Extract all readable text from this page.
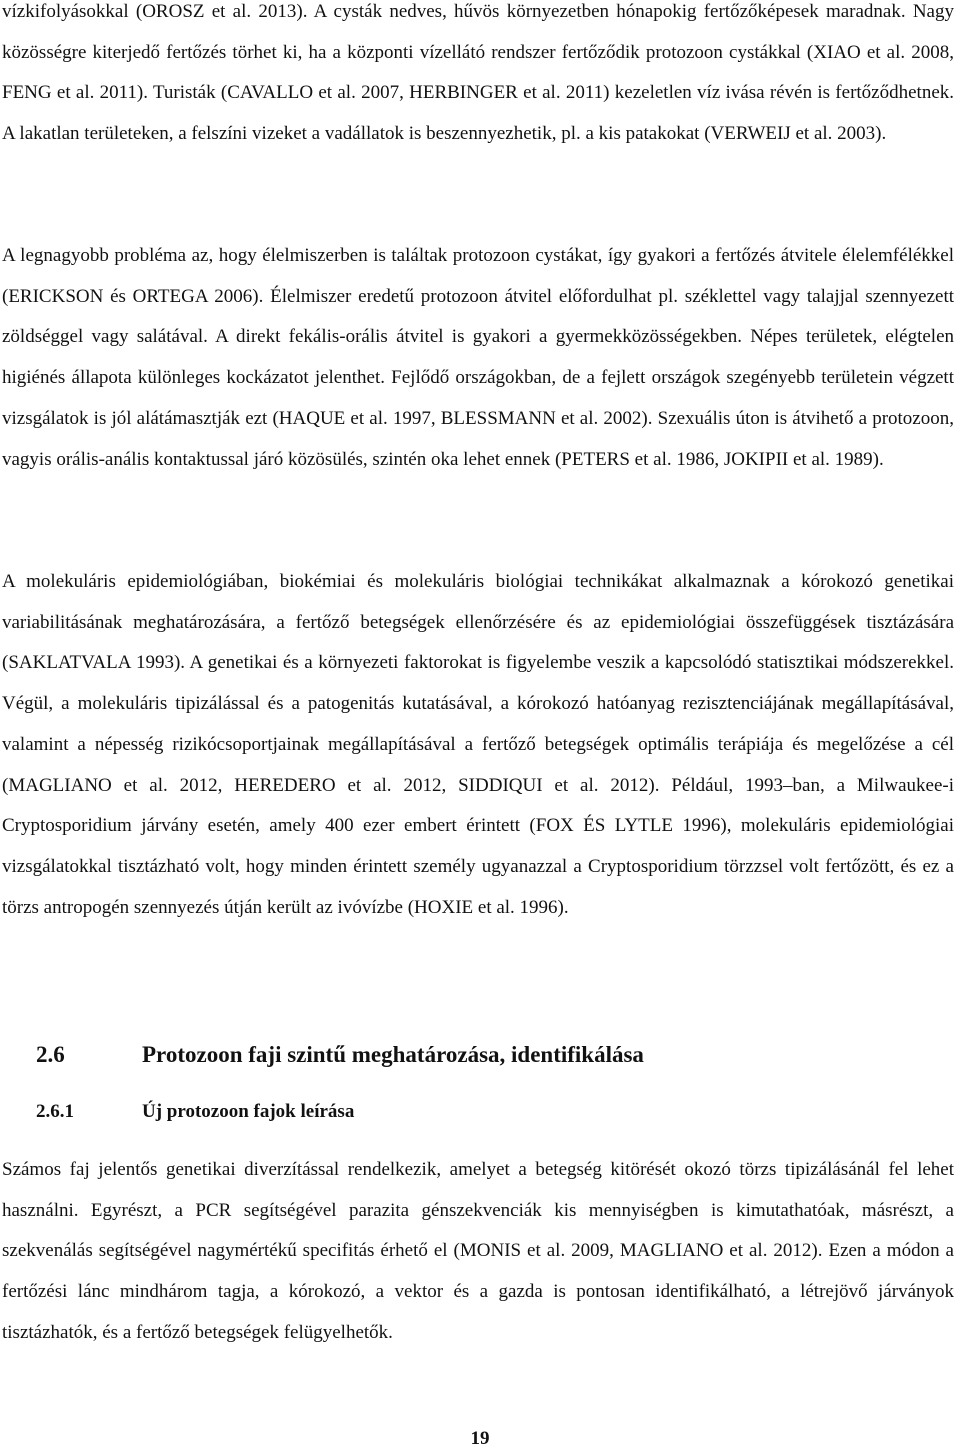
vízkifolyásokkal (OROSZ et al. 2013). A cysták nedves, hűvös környezetben hónapokig fertőzőképesek maradnak. Nagy közösségre kiterjedő fertőzés törhet ki, ha a központi vízellátó rendszer fertőződik protozoon cystákkal (XIAO et al. 2008, FENG et al. 2011). Turisták (CAVALLO et al. 2007, HERBINGER et al. 2011) kezeletlen víz ivása révén is fertőződhetnek. A lakatlan területeken, a felszíni vizeket a vadállatok is beszennyezhetik, pl. a kis patakokat (VERWEIJ et al. 2003).

A legnagyobb probléma az, hogy élelmiszerben is találtak protozoon cystákat, így gyakori a fertőzés átvitele élelemfélékkel (ERICKSON és ORTEGA 2006). Élelmiszer eredetű protozoon átvitel előfordulhat pl. széklettel vagy talajjal szennyezett zöldséggel vagy salátával. A direkt fekális-orális átvitel is gyakori a gyermekközösségekben. Népes területek, elégtelen higiénés állapota különleges kockázatot jelenthet. Fejlődő országokban, de a fejlett országok szegényebb területein végzett vizsgálatok is jól alátámasztják ezt (HAQUE et al. 1997, BLESSMANN et al. 2002). Szexuális úton is átvihető a protozoon, vagyis orális-anális kontaktussal járó közösülés, szintén oka lehet ennek (PETERS et al. 1986, JOKIPII et al. 1989).

A molekuláris epidemiológiában, biokémiai és molekuláris biológiai technikákat alkalmaznak a kórokozó genetikai variabilitásának meghatározására, a fertőző betegségek ellenőrzésére és az epidemiológiai összefüggések tisztázására (SAKLATVALA 1993). A genetikai és a környezeti faktorokat is figyelembe veszik a kapcsolódó statisztikai módszerekkel. Végül, a molekuláris tipizálással és a patogenitás kutatásával, a kórokozó hatóanyag rezisztenciájának megállapításával, valamint a népesség rizikócsoportjainak megállapításával a fertőző betegségek optimális terápiája és megelőzése a cél (MAGLIANO et al. 2012, HEREDERO et al. 2012, SIDDIQUI et al. 2012). Például, 1993–ban, a Milwaukee-i Cryptosporidium járvány esetén, amely 400 ezer embert érintett (FOX ÉS LYTLE 1996), molekuláris epidemiológiai vizsgálatokkal tisztázható volt, hogy minden érintett személy ugyanazzal a Cryptosporidium törzzsel volt fertőzött, és ez a törzs antropogén szennyezés útján került az ivóvízbe (HOXIE et al. 1996).

2.6	Protozoon faji szintű meghatározása, identifikálása
2.6.1	Új protozoon fajok leírása

Számos faj jelentős genetikai diverzítással rendelkezik, amelyet a betegség kitörését okozó törzs tipizálásánál fel lehet használni. Egyrészt, a PCR segítségével parazita génszekvenciák kis mennyiségben is kimutathatóak, másrészt, a szekvenálás segítségével nagymértékű specifitás érhető el (MONIS et al. 2009, MAGLIANO et al. 2012). Ezen a módon a fertőzési lánc mindhárom tagja, a kórokozó, a vektor és a gazda is pontosan identifikálható, a létrejövő járványok tisztázhatók, és a fertőző betegségek felügyelhetők.

19
